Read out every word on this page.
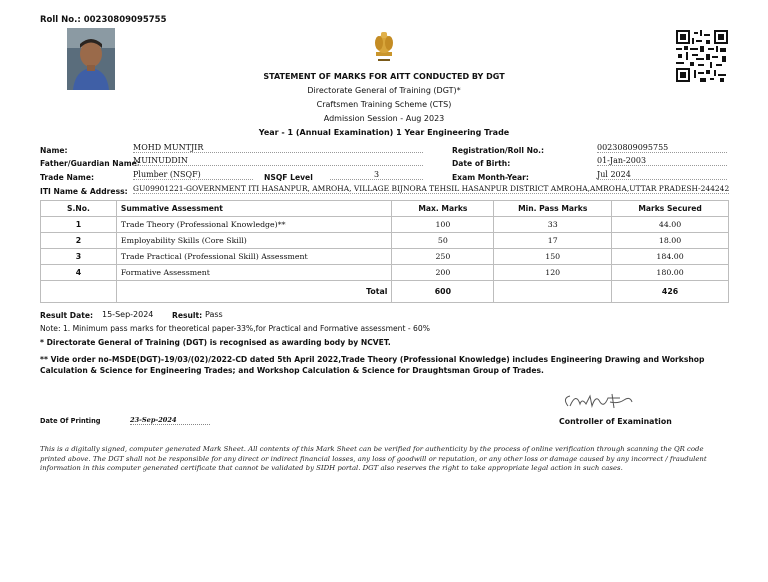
Roll No.: 00230809095755
STATEMENT OF MARKS FOR AITT CONDUCTED BY DGT
Directorate General of Training (DGT)*
Craftsmen Training Scheme (CTS)
Admission Session - Aug 2023
Year - 1 (Annual Examination) 1 Year Engineering Trade
Name:	MOHD MUNTJIR
Father/Guardian Name:
MUINUDDIN
Trade Name:	Plumber (NSQF)	NSQF Level	3
ITI Name & Address: GU09901221-GOVERNMENT ITI HASANPUR, AMROHA, VILLAGE BIJNORA TEHSIL HASANPUR DISTRICT AMROHA,AMROHA,UTTAR PRADESH-244242
Registration/Roll No.:	00230809095755
Date of Birth:	01-Jan-2003
Exam Month-Year:	Jul 2024
S.No.	Summative Assessment	Max. Marks	Min. Pass Marks	Marks Secured
1	Trade Theory (Professional Knowledge)**	100	33	44.00
2	Employability Skills (Core Skill)	50	17	18.00
3	Trade Practical (Professional Skill) Assessment	250	150	184.00
4	Formative Assessment	200	120	180.00
	Total	600		426
Result Date: 15-Sep-2024 Result: Pass
Note: 1. Minimum pass marks for theoretical paper-33%,for Practical and Formative assessment - 60%
* Directorate General of Training (DGT) is recognised as awarding body by NCVET.
** Vide order no-MSDE(DGT)-19/03/(02)/2022-CD dated 5th April 2022,Trade Theory (Professional Knowledge) includes Engineering Drawing and Workshop Calculation & Science for Engineering Trades; and Workshop Calculation & Science for Draughtsman Group of Trades.
Date Of Printing	23-Sep-2024	Controller of Examination
This is a digitally signed, computer generated Mark Sheet. All contents of this Mark Sheet can be verified for authenticity by the process of online verification through scanning the QR code printed above. The DGT shall not be responsible for any direct or indirect financial losses, any loss of goodwill or reputation, or any other loss or damage caused by any incorrect / fraudulent information in this computer generated certificate that cannot be validated by SIDH portal. DGT also reserves the right to take appropriate legal action in such cases.
